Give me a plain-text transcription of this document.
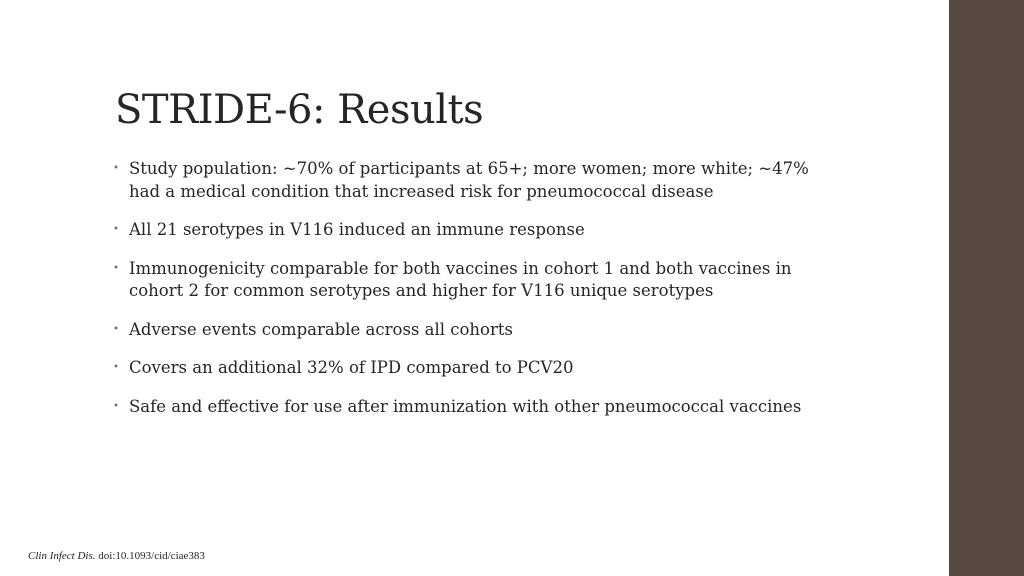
STRIDE-6: Results
• Study population: ~70% of participants at 65+; more women; more white; ~47% had a medical condition that increased risk for pneumococcal disease
• All 21 serotypes in V116 induced an immune response
• Immunogenicity comparable for both vaccines in cohort 1 and both vaccines in cohort 2 for common serotypes and higher for V116 unique serotypes
• Adverse events comparable across all cohorts
• Covers an additional 32% of IPD compared to PCV20
• Safe and effective for use after immunization with other pneumococcal vaccines
Clin Infect Dis. doi:10.1093/cid/ciae383
